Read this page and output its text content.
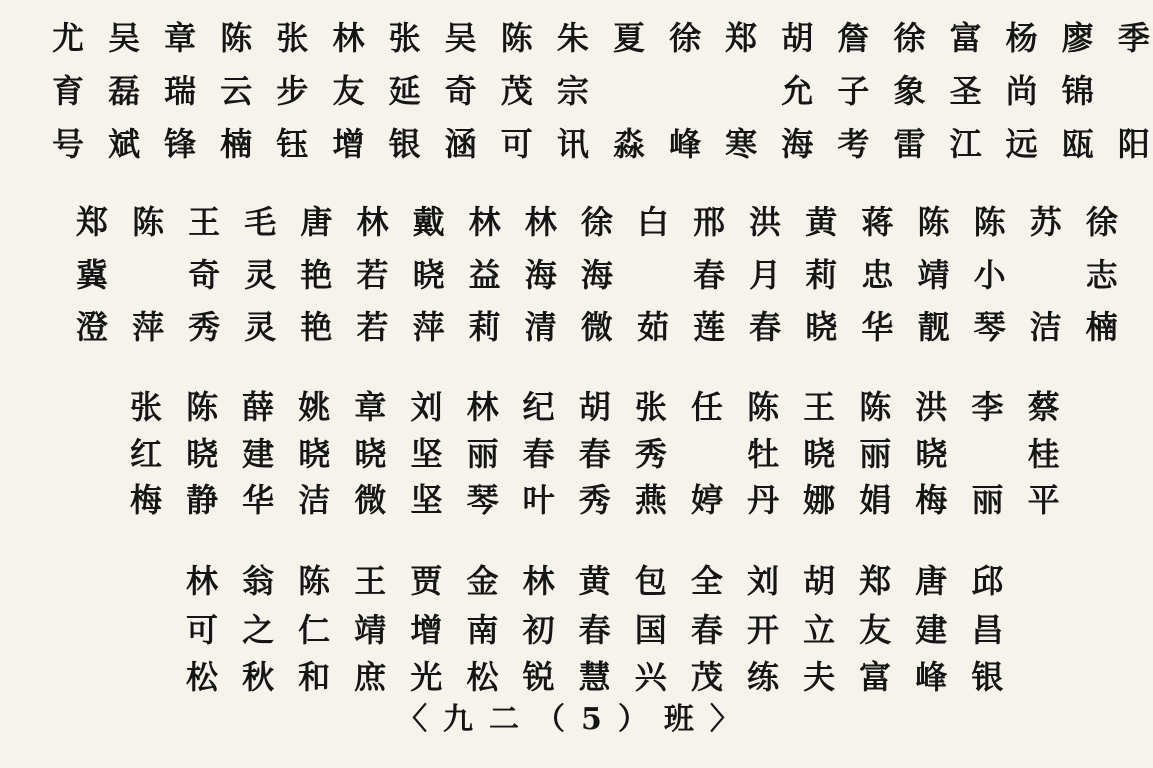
尤 吴 章 陈 张 林 张 吴 陈 朱 夏 徐 郑 胡 詹 徐 富 杨 廖 季
育 磊 瑞 云 步 友 延 奇 茂 宗	允 子 象 圣 尚 锦
号 斌 锋 楠 钰 增 银 涵 可 讯 淼 峰 寒 海 考 雷 江 远 瓯 阳
郑 陈 王 毛 唐 林 戴 林 林 徐 白 邢 洪 黄 蒋 陈 陈 苏 徐
冀	奇 灵 艳 若 晓 益 海 海	春 月 莉 忠 靖 小	志
澄 萍 秀 灵 艳 若 萍 莉 清 微 茹 莲 春 晓 华 靓 琴 洁 楠
张 陈 薛 姚 章 刘 林 纪 胡 张 任 陈 王 陈 洪 李 蔡
红 晓 建 晓 晓 坚 丽 春 春 秀	牡 晓 丽 晓	桂
梅 静 华 洁 微 坚 琴 叶 秀 燕 婷 丹 娜 娟 梅 丽 平
林 翁 陈 王 贾 金 林 黄 包 全 刘 胡 郑 唐 邱
可 之 仁 靖 增 南 初 春 国 春 开 立 友 建 昌
松 秋 和 庶 光 松 锐 慧 兴 茂 练 夫 富 峰 银
〈九二（5）班〉
